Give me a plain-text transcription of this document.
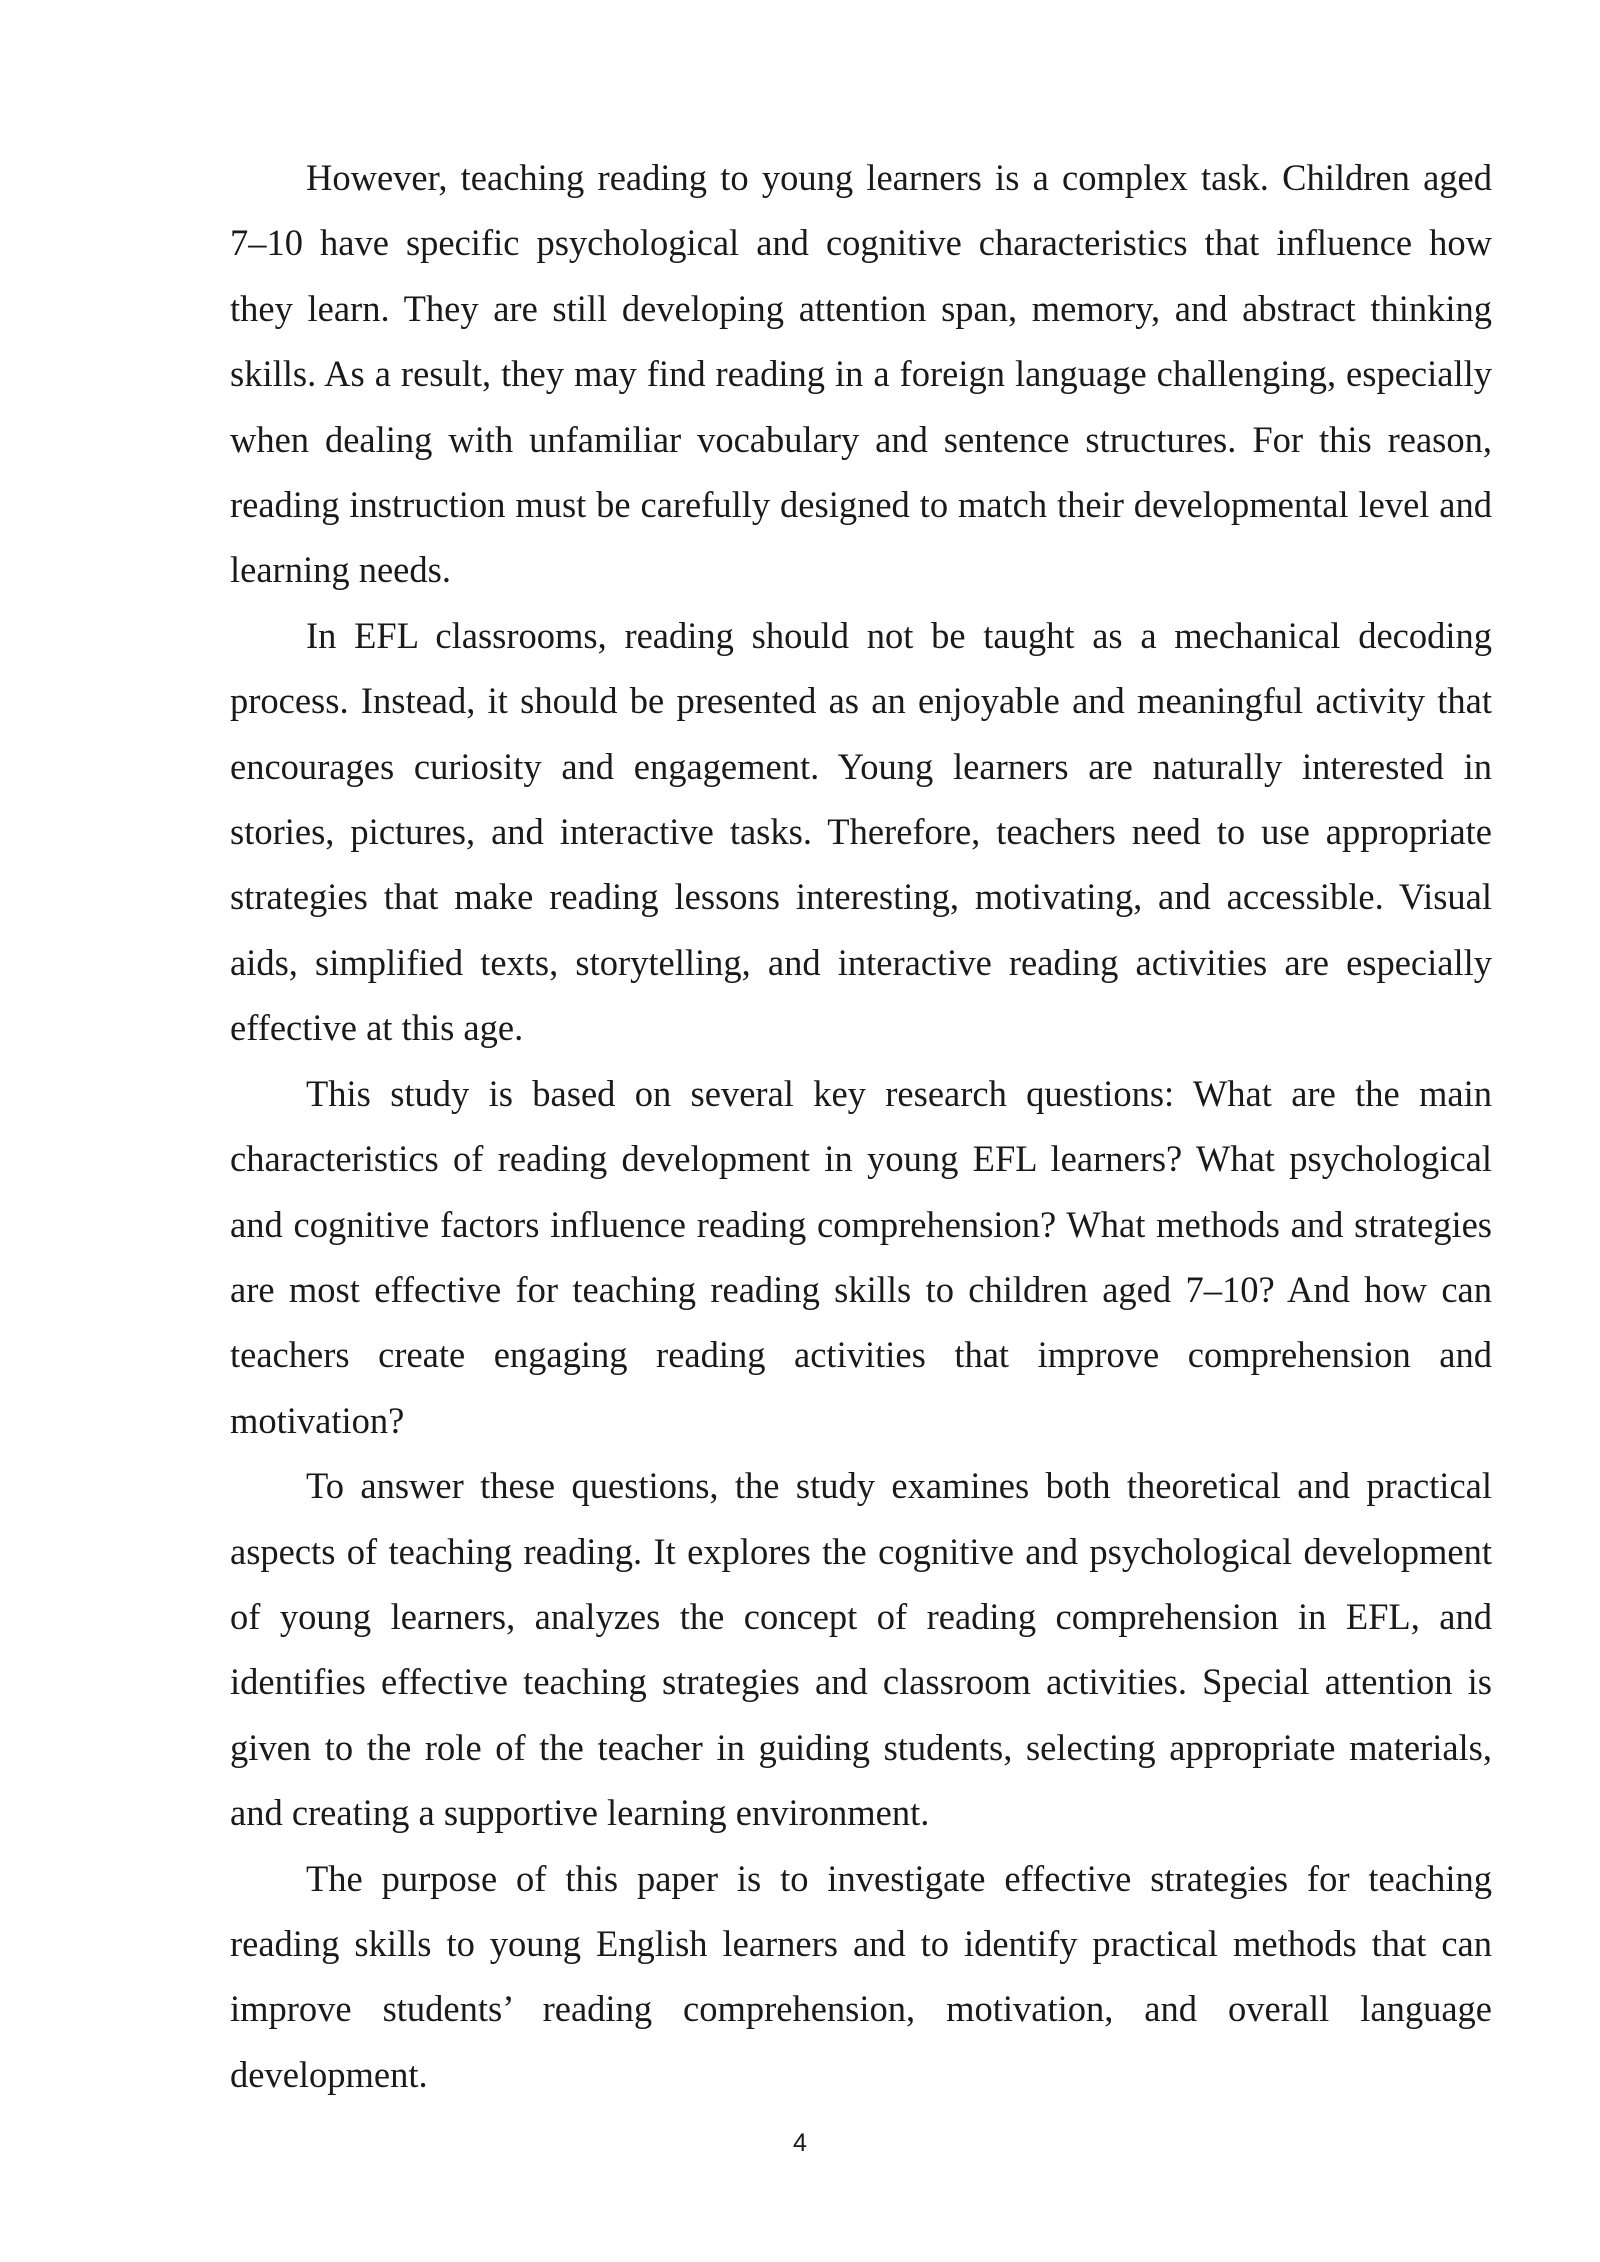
However, teaching reading to young learners is a complex task. Children aged 7–10 have specific psychological and cognitive characteristics that influence how they learn. They are still developing attention span, memory, and abstract thinking skills. As a result, they may find reading in a foreign language challenging, especially when dealing with unfamiliar vocabulary and sentence structures. For this reason, reading instruction must be carefully designed to match their developmental level and learning needs.

In EFL classrooms, reading should not be taught as a mechanical decoding process. Instead, it should be presented as an enjoyable and meaningful activity that encourages curiosity and engagement. Young learners are naturally interested in stories, pictures, and interactive tasks. Therefore, teachers need to use appropriate strategies that make reading lessons interesting, motivating, and accessible. Visual aids, simplified texts, storytelling, and interactive reading activities are especially effective at this age.

This study is based on several key research questions: What are the main characteristics of reading development in young EFL learners? What psychological and cognitive factors influence reading comprehension? What methods and strategies are most effective for teaching reading skills to children aged 7–10? And how can teachers create engaging reading activities that improve comprehension and motivation?

To answer these questions, the study examines both theoretical and practical aspects of teaching reading. It explores the cognitive and psychological development of young learners, analyzes the concept of reading comprehension in EFL, and identifies effective teaching strategies and classroom activities. Special attention is given to the role of the teacher in guiding students, selecting appropriate materials, and creating a supportive learning environment.

The purpose of this paper is to investigate effective strategies for teaching reading skills to young English learners and to identify practical methods that can improve students’ reading comprehension, motivation, and overall language development.

4
